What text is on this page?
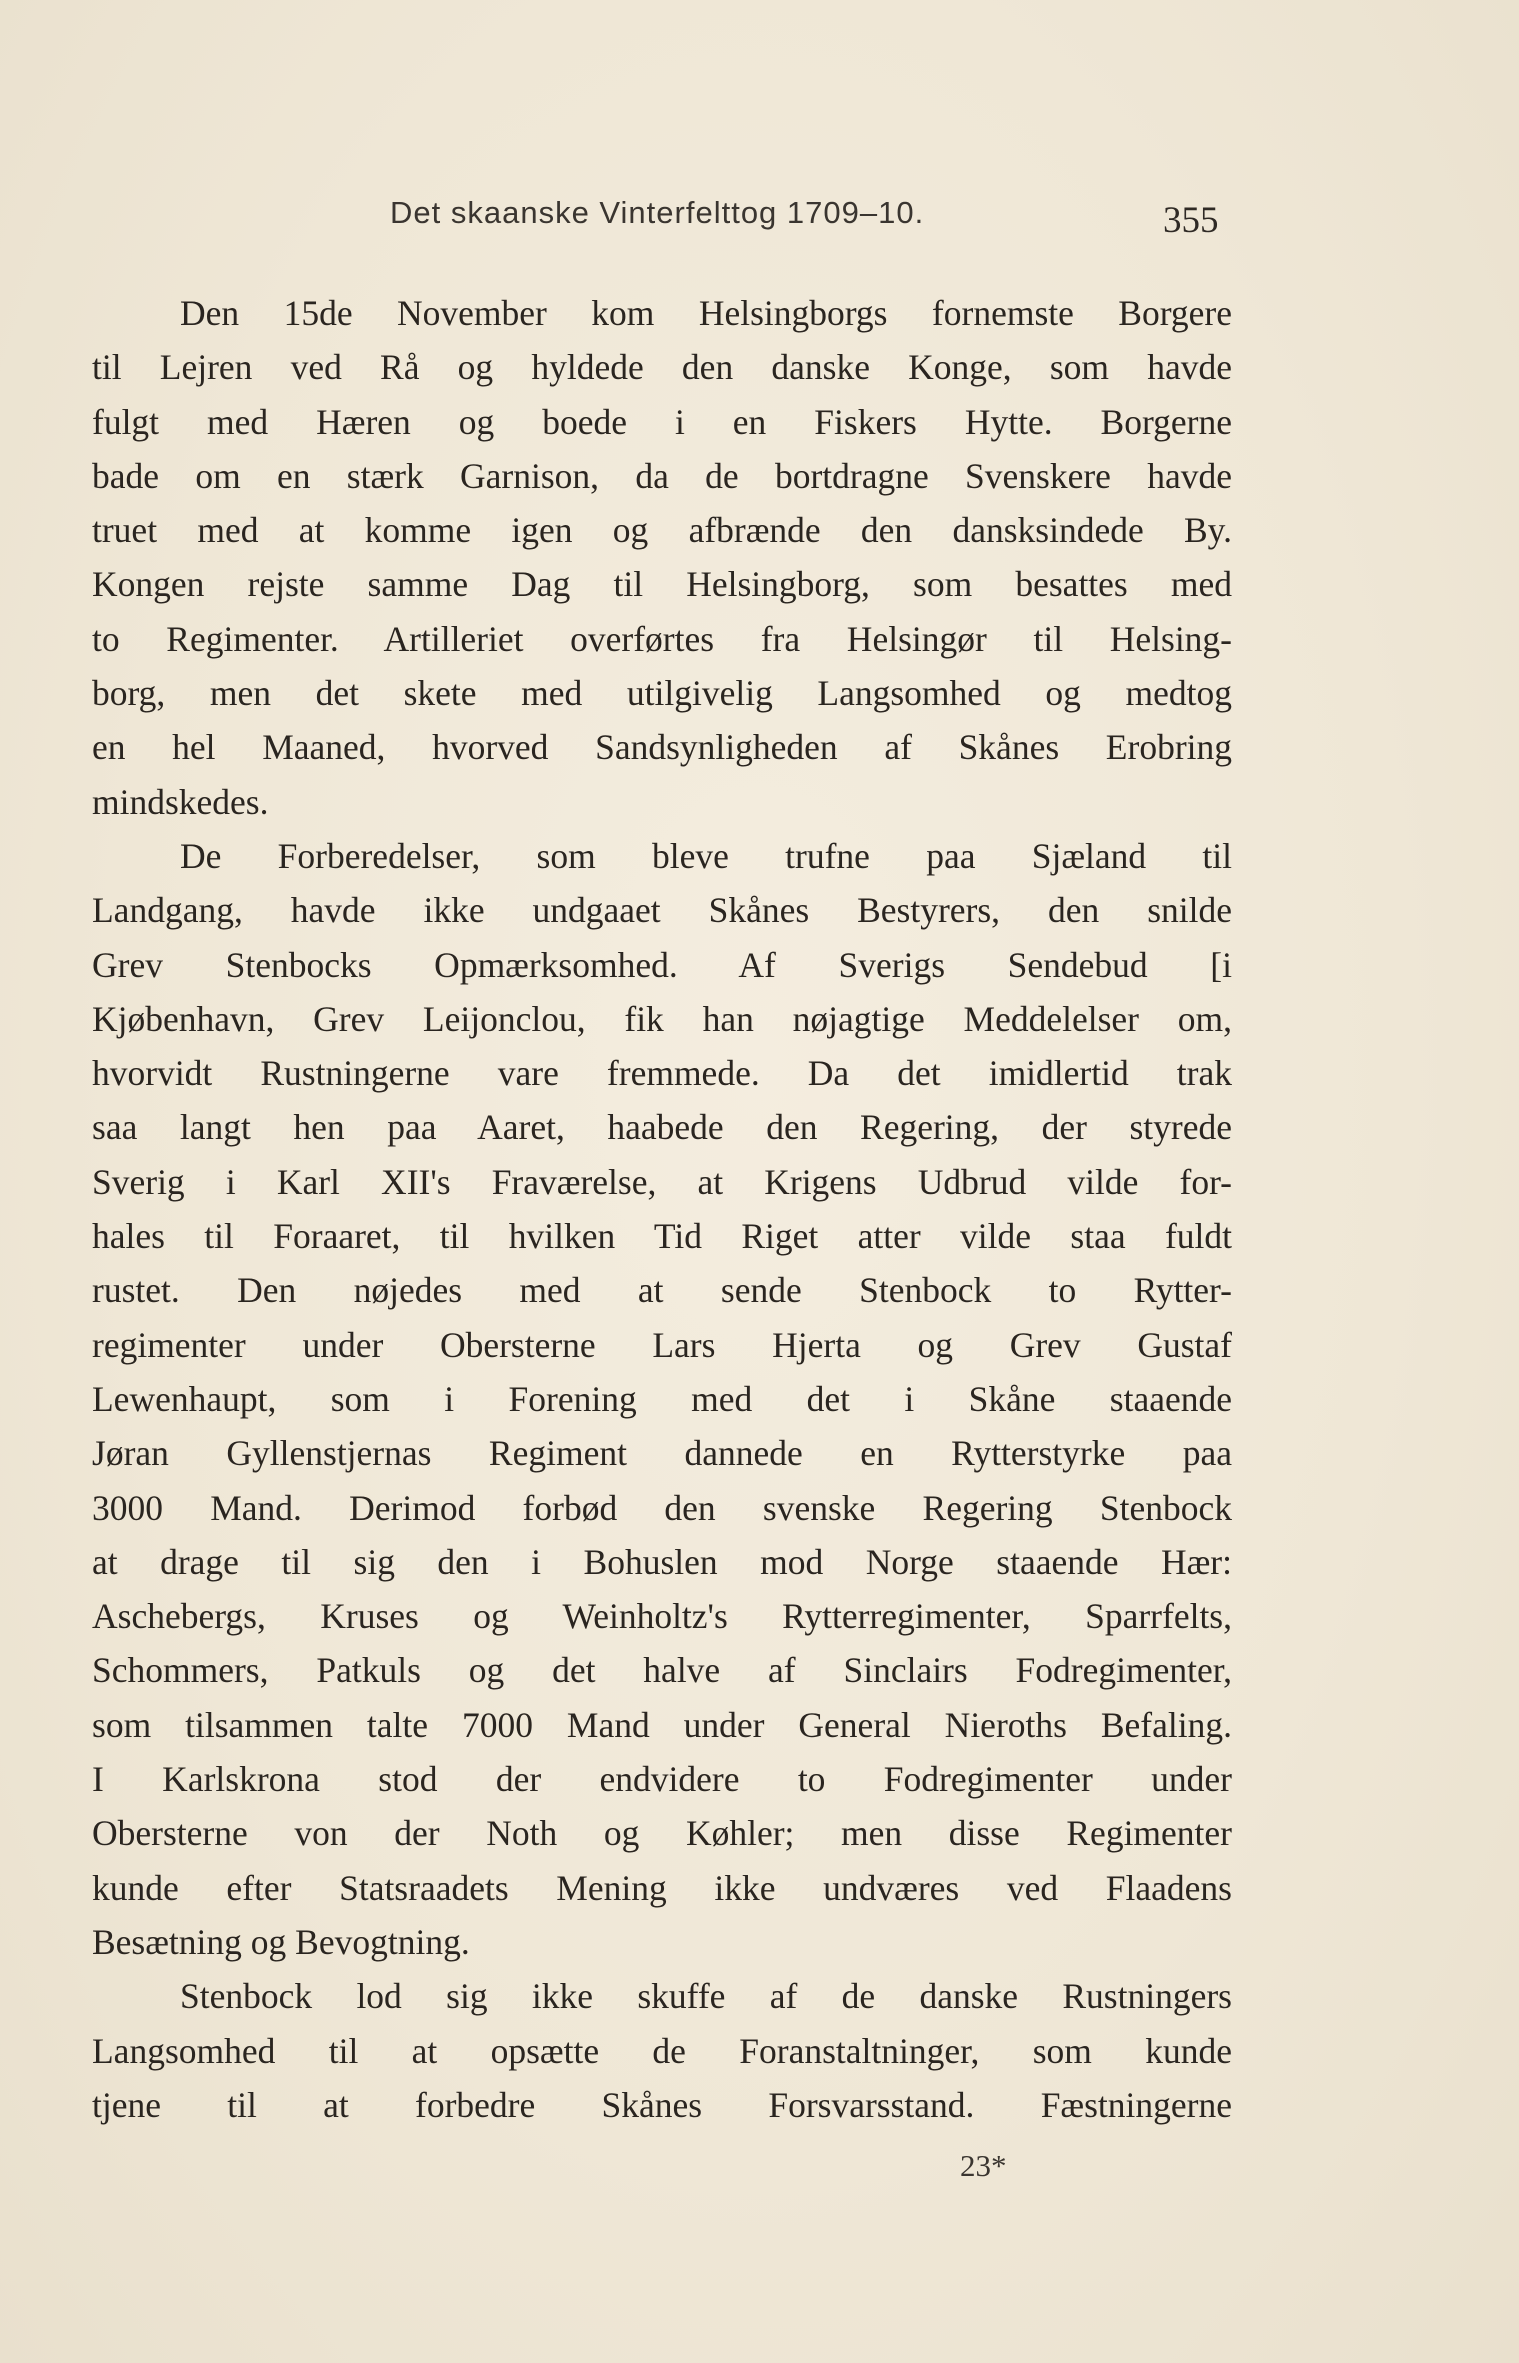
Det skaanske Vinterfelttog 1709–10.	355
Den 15de November kom Helsingborgs fornemste Borgere
til Lejren ved Rå og hyldede den danske Konge, som havde
fulgt med Hæren og boede i en Fiskers Hytte. Borgerne
bade om en stærk Garnison, da de bortdragne Svenskere havde
truet med at komme igen og afbrænde den dansksindede By.
Kongen rejste samme Dag til Helsingborg, som besattes med
to Regimenter. Artilleriet overførtes fra Helsingør til Helsing-
borg, men det skete med utilgivelig Langsomhed og medtog
en hel Maaned, hvorved Sandsynligheden af Skånes Erobring
mindskedes.
De Forberedelser, som bleve trufne paa Sjæland til
Landgang, havde ikke undgaaet Skånes Bestyrers, den snilde
Grev Stenbocks Opmærksomhed. Af Sverigs Sendebud [i
Kjøbenhavn, Grev Leijonclou, fik han nøjagtige Meddelelser om,
hvorvidt Rustningerne vare fremmede. Da det imidlertid trak
saa langt hen paa Aaret, haabede den Regering, der styrede
Sverig i Karl XII's Fraværelse, at Krigens Udbrud vilde for-
hales til Foraaret, til hvilken Tid Riget atter vilde staa fuldt
rustet. Den nøjedes med at sende Stenbock to Rytter-
regimenter under Obersterne Lars Hjerta og Grev Gustaf
Lewenhaupt, som i Forening med det i Skåne staaende
Jøran Gyllenstjernas Regiment dannede en Rytterstyrke paa
3000 Mand. Derimod forbød den svenske Regering Stenbock
at drage til sig den i Bohuslen mod Norge staaende Hær:
Aschebergs, Kruses og Weinholtz's Rytterregimenter, Sparrfelts,
Schommers, Patkuls og det halve af Sinclairs Fodregimenter,
som tilsammen talte 7000 Mand under General Nieroths Befaling.
I Karlskrona stod der endvidere to Fodregimenter under
Obersterne von der Noth og Køhler; men disse Regimenter
kunde efter Statsraadets Mening ikke undværes ved Flaadens
Besætning og Bevogtning.
Stenbock lod sig ikke skuffe af de danske Rustningers
Langsomhed til at opsætte de Foranstaltninger, som kunde
tjene til at forbedre Skånes Forsvarsstand. Fæstningerne
23*
